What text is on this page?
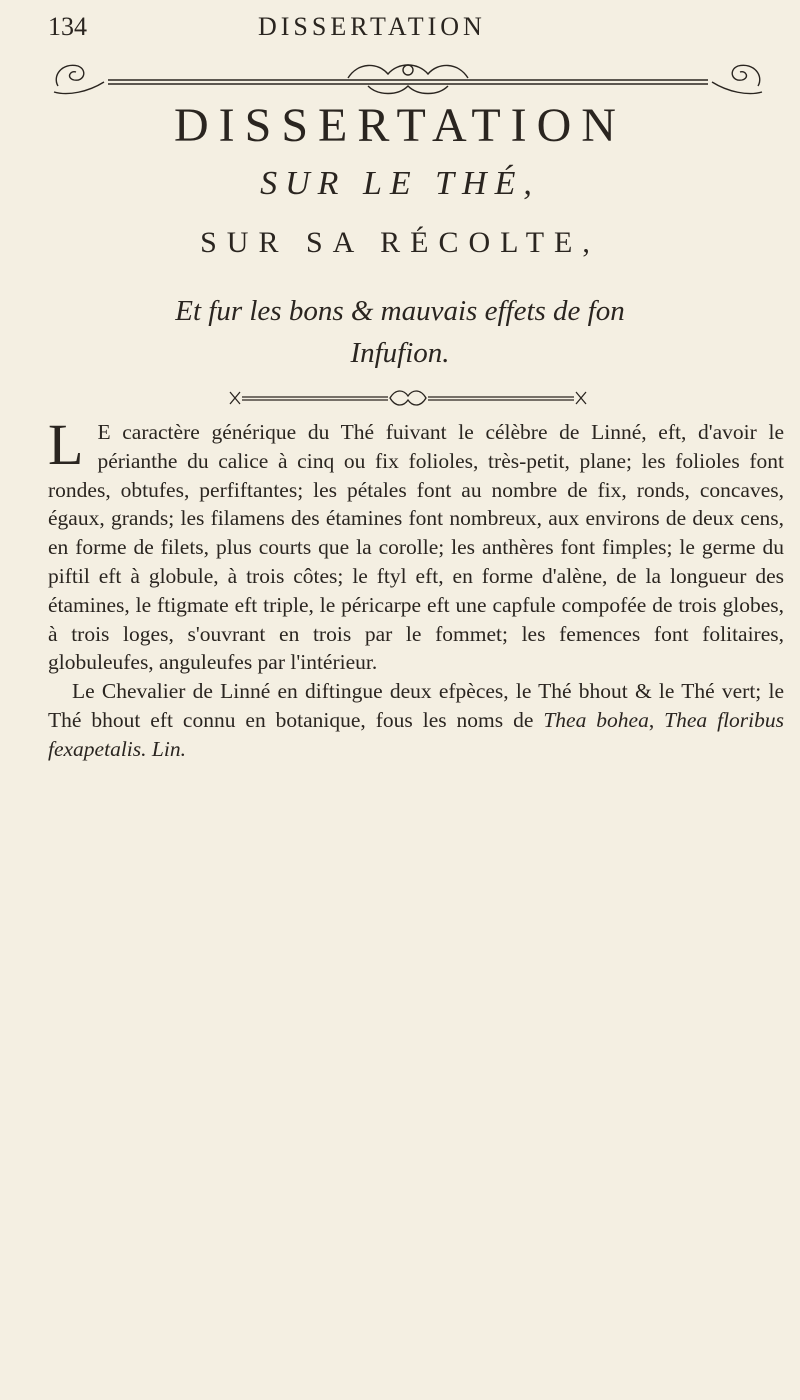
134	DISSERTATION
DISSERTATION
SUR LE THÉ,
SUR SA RÉCOLTE,
Et fur les bons & mauvais effets de fon
Infufion.

L E caractère générique du Thé fuivant le célèbre de Linné, eft, d'avoir le périanthe du calice à cinq ou fix folioles, très-petit, plane; les folioles font rondes, obtufes, perfiftantes; les pétales font au nombre de fix, ronds, concaves, égaux, grands; les filamens des étamines font nombreux, aux environs de deux cens, en forme de filets, plus courts que la corolle; les anthères font fimples; le germe du piftil eft à globule, à trois côtes; le ftyl eft, en forme d'alène, de la longueur des étamines, le ftigmate eft triple, le péricarpe eft une capfule compofée de trois globes, à trois loges, s'ouvrant en trois par le fommet; les femences font folitaires, globuleufes, anguleufes par l'intérieur.

Le Chevalier de Linné en diftingue deux efpèces, le Thé bhout & le Thé vert; le Thé bhout eft connu en botanique, fous les noms de Thea bohea, Thea floribus fexapetalis. Lin.
